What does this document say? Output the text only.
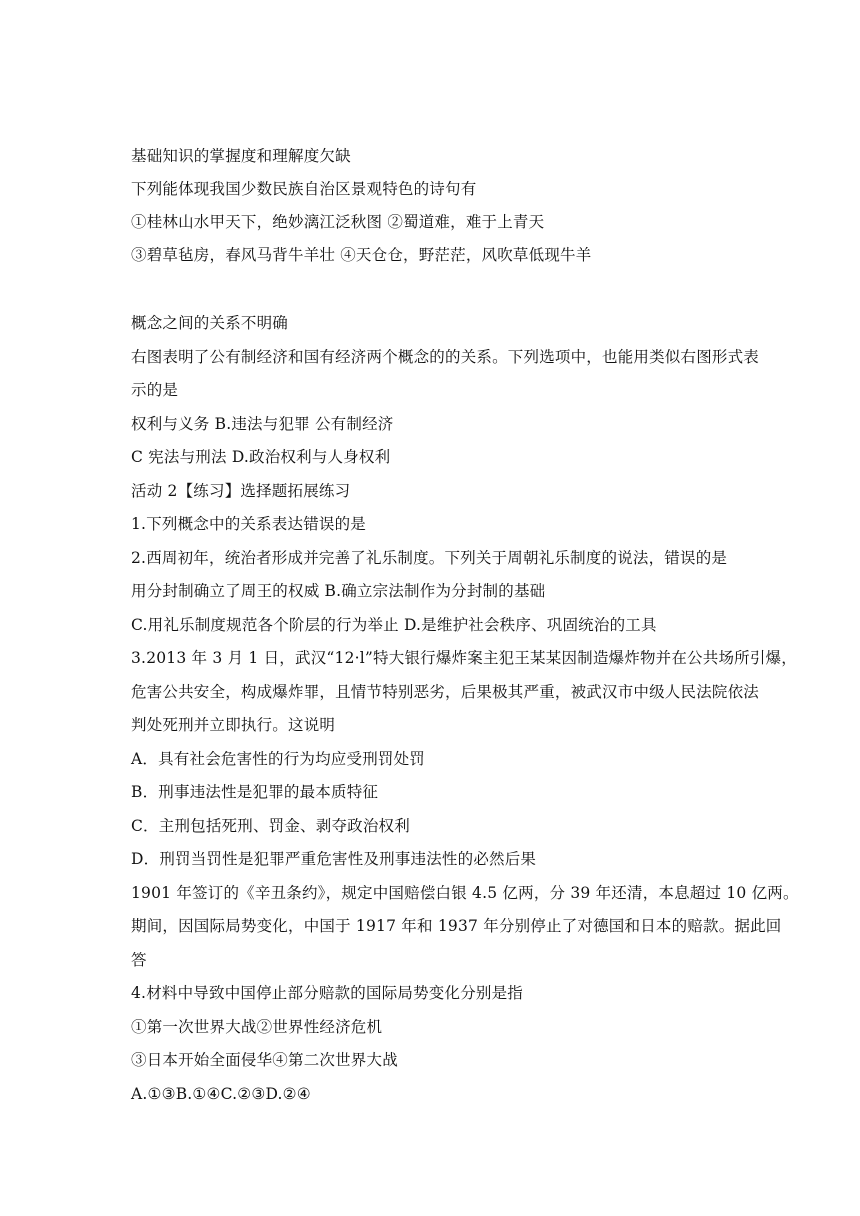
基础知识的掌握度和理解度欠缺
下列能体现我国少数民族自治区景观特色的诗句有
①桂林山水甲天下，绝妙漓江泛秋图 ②蜀道难，难于上青天
③碧草毡房，春风马背牛羊壮 ④天仓仓，野茫茫，风吹草低现牛羊
概念之间的关系不明确
右图表明了公有制经济和国有经济两个概念的的关系。下列选项中，也能用类似右图形式表
示的是
权利与义务 B.违法与犯罪 公有制经济
C 宪法与刑法 D.政治权利与人身权利
活动 2【练习】选择题拓展练习
1.下列概念中的关系表达错误的是
2.西周初年，统治者形成并完善了礼乐制度。下列关于周朝礼乐制度的说法，错误的是
用分封制确立了周王的权威 B.确立宗法制作为分封制的基础
C.用礼乐制度规范各个阶层的行为举止 D.是维护社会秩序、巩固统治的工具
3.2013 年 3 月 1 日，武汉“12·l”特大银行爆炸案主犯王某某因制造爆炸物并在公共场所引爆，
危害公共安全，构成爆炸罪，且情节特别恶劣，后果极其严重，被武汉市中级人民法院依法
判处死刑并立即执行。这说明
A．具有社会危害性的行为均应受刑罚处罚
B．刑事违法性是犯罪的最本质特征
C．主刑包括死刑、罚金、剥夺政治权利
D．刑罚当罚性是犯罪严重危害性及刑事违法性的必然后果
1901 年签订的《辛丑条约》，规定中国赔偿白银 4.5 亿两，分 39 年还清，本息超过 10 亿两。
期间，因国际局势变化，中国于 1917 年和 1937 年分别停止了对德国和日本的赔款。据此回
答
4.材料中导致中国停止部分赔款的国际局势变化分别是指
①第一次世界大战②世界性经济危机
③日本开始全面侵华④第二次世界大战
A.①③B.①④C.②③D.②④
